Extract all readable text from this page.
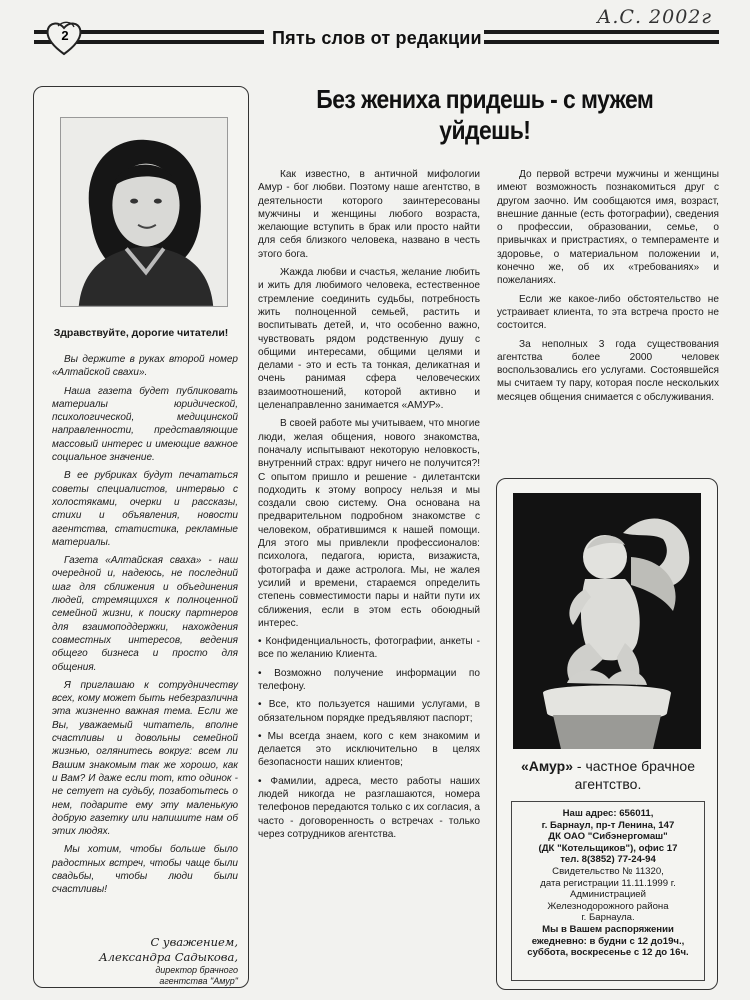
2	Пять слов от редакции
А.С. 2002г
Здравствуйте, дорогие читатели!

Вы держите в руках второй номер «Алтайской свахи».

Наша газета будет публиковать материалы юридической, психологической, медицинской направленности, представляющие массовый интерес и имеющие важное социальное значение.

В ее рубриках будут печататься советы специалистов, интервью с холостяками, очерки и рассказы, стихи и объявления, новости агентства, статистика, рекламные материалы.

Газета «Алтайская сваха» - наш очередной и, надеюсь, не последний шаг для сближения и объединения людей, стремящихся к полноценной семейной жизни, к поиску партнеров для взаимоподдержки, нахождения совместных интересов, ведения общего бизнеса и просто для общения.

Я приглашаю к сотрудничеству всех, кому может быть небезразлична эта жизненно важная тема. Если же Вы, уважаемый читатель, вполне счастливы и довольны семейной жизнью, оглянитесь вокруг: всем ли Вашим знакомым так же хорошо, как и Вам? И даже если тот, кто одинок - не сетует на судьбу, позаботьтесь о нем, подарите ему эту маленькую добрую газетку или напишите нам об этих людях.

Мы хотим, чтобы больше было радостных встреч, чтобы чаще были свадьбы, чтобы люди были счастливы!

С уважением,
Александра Садыкова,
директор брачного
агентства "Амур"
Без жениха придешь - с мужем уйдешь!

Как известно, в античной мифологии Амур - бог любви. Поэтому наше агентство, в деятельности которого заинтересованы мужчины и женщины любого возраста, желающие вступить в брак или просто найти для себя близкого человека, названо в честь этого бога.

Жажда любви и счастья, желание любить и жить для любимого человека, естественное стремление соединить судьбы, потребность жить полноценной семьей, растить и воспитывать детей, и, что особенно важно, чувствовать рядом родственную душу с общими интересами, общими целями и делами - это и есть та тонкая, деликатная и очень ранимая сфера человеческих взаимоотношений, которой активно и целенаправленно занимается «АМУР».

В своей работе мы учитываем, что многие люди, желая общения, нового знакомства, поначалу испытывают некоторую неловкость, внутренний страх: вдруг ничего не получится?! С опытом пришло и решение - дилетантски подходить к этому вопросу нельзя и мы создали свою систему. Она основана на предварительном подробном знакомстве с человеком, обратившимся к нашей помощи. Для этого мы привлекли профессионалов: психолога, педагога, юриста, визажиста, фотографа и даже астролога. Мы, не жалея усилий и времени, стараемся определить степень совместимости пары и найти пути их сближения, если в этом есть обоюдный интерес.

• Конфиденциальность, фотографии, анкеты - все по желанию Клиента.

• Возможно получение информации по телефону.

• Все, кто пользуется нашими услугами, в обязательном порядке предъявляют паспорт;

• Мы всегда знаем, кого с кем знакомим и делается это исключительно в целях безопасности наших клиентов;

• Фамилии, адреса, место работы наших людей никогда не разглашаются, номера телефонов передаются только с их согласия, а часто - договоренность о встречах - только через сотрудников агентства.

До первой встречи мужчины и женщины имеют возможность познакомиться друг с другом заочно. Им сообщаются имя, возраст, внешние данные (есть фотографии), сведения о профессии, образовании, семье, о привычках и пристрастиях, о темпераменте и здоровье, о материальном положении и, конечно же, об их «требованиях» и пожеланиях.

Если же какое-либо обстоятельство не устраивает клиента, то эта встреча просто не состоится.

За неполных 3 года существования агентства более 2000 человек воспользовались его услугами. Состоявшейся мы считаем ту пару, которая после нескольких месяцев общения снимается с обслуживания.

«Амур» - частное брачное агентство.
Наш адрес: 656011,
г. Барнаул, пр-т Ленина, 147
ДК ОАО "Сибэнергомаш"
(ДК "Котельщиков"), офис 17
тел. 8(3852) 77-24-94
Свидетельство № 11320,
дата регистрации 11.11.1999 г.
Администрацией
Железнодорожного района
г. Барнаула.
Мы в Вашем распоряжении
ежедневно: в будни с 12 до19ч.,
суббота, воскресенье с 12 до 16ч.
